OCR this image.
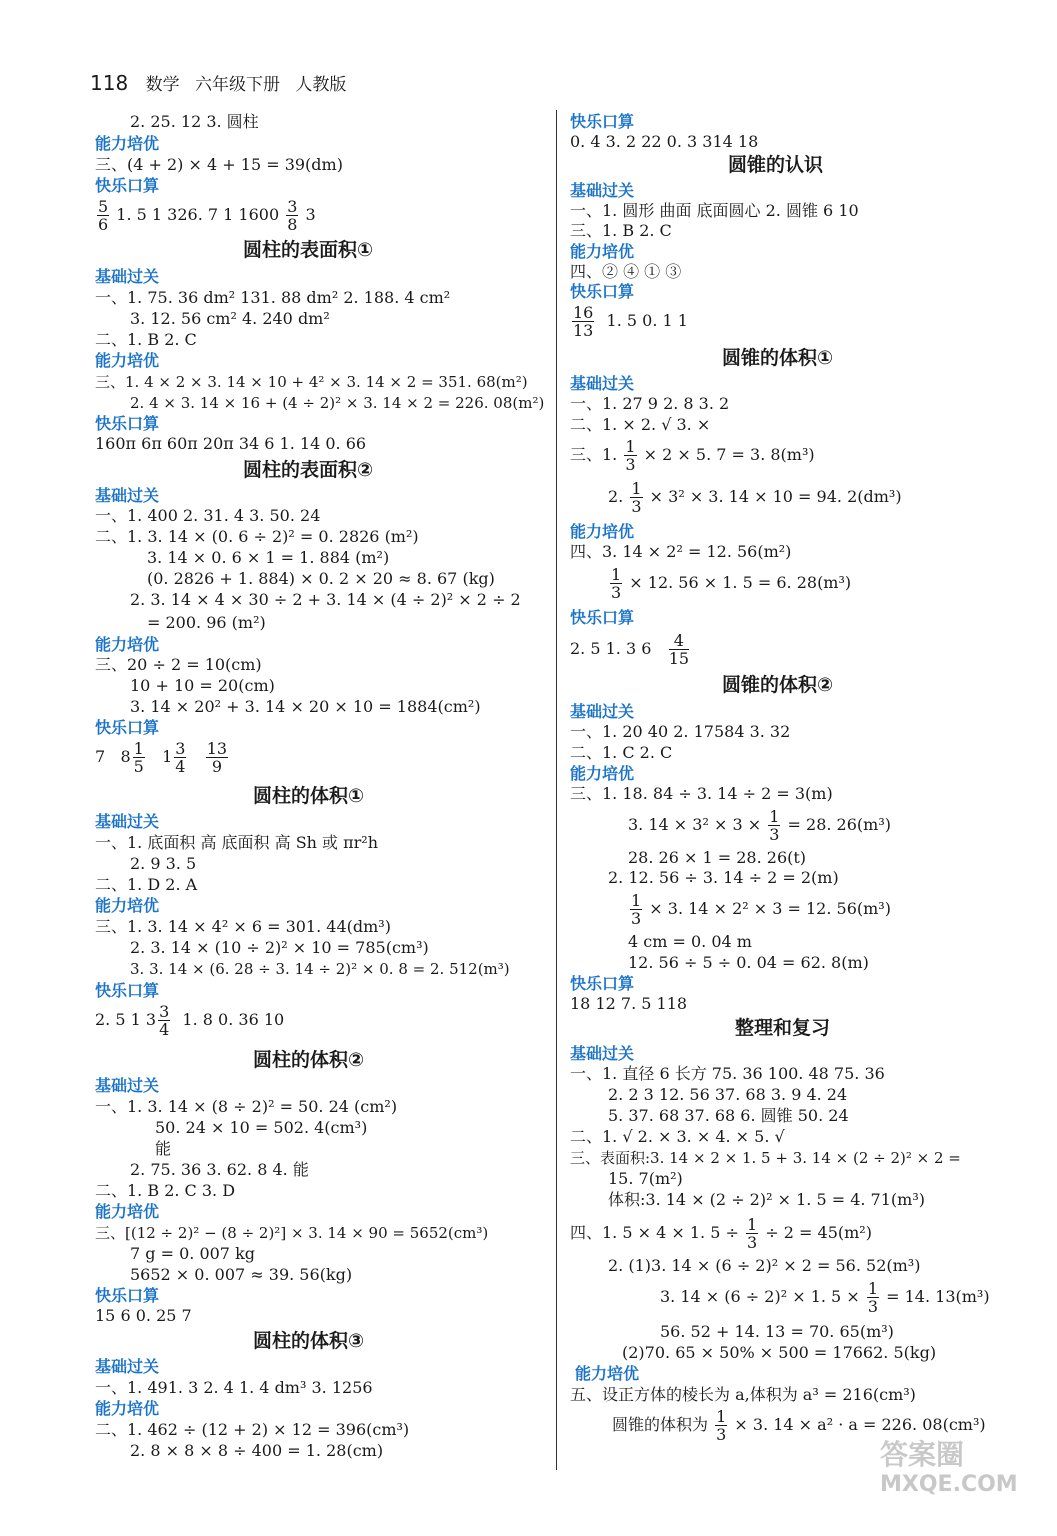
118 数学 六年级下册 人教版
2. 25. 12 3. 圆柱
能力培优
三、(4 + 2) × 4 + 15 = 39(dm)
快乐口算
$\frac{5}{6} 1$. 5 1 326. 7 1 $1600 \frac{3}{8} 3$
圆柱的表面积①
基础过关
一、1. 75. 36 dm² 131. 88 dm² 2. 188. 4 cm²
3. 12. 56 cm² 4. 240 dm²
二、1. B 2. C
能力培优
三、1. 4 × 2 × 3. 14 × 10 + 4² × 3. 14 × 2 = 351. 68(m²)
2. 4 × 3. 14 × 16 + (4 ÷ 2)² × 3. 14 × 2 = 226. 08(m²)
快乐口算
160π 6π 60π 20π 34 6 1. 14 0. 66
圆柱的表面积②
基础过关
一、1. 400 2. 31. 4 3. 50. 24
二、1. 3. 14 × (0. 6 ÷ 2)² = 0. 2826 (m²)
3. 14 × 0. 6 × 1 = 1. 884 (m²)
(0. 2826 + 1. 884) × 0. 2 × 20 ≈ 8. 67 (kg)
2. 3. 14 × 4 × 30 ÷ 2 + 3. 14 × (4 ÷ 2)² × 2 ÷ 2
= 200. 96 (m²)
能力培优
三、20 ÷ 2 = 10(cm)
10 + 10 = 20(cm)
3. 14 × 20² + 3. 14 × 20 × 10 = 1884(cm²)
快乐口算
7 $8 \frac{1}{5} 1 \frac{3}{4}$
$\frac{13}{9}$
圆柱的体积①
基础过关
一、1. 底面积 高 底面积 高 Sh 或 πr²h
2. 9 3. 5
二、1. D 2. A
能力培优
三、1. 3. 14 × 4² × 6 = 301. 44(dm³)
2. 3. 14 × (10 ÷ 2)² × 10 = 785(cm³)
3. 3. 14 × (6. 28 ÷ 3. 14 ÷ 2)² × 0. 8 = 2. 512(m³)
快乐口算
2. 5 1 $3 \frac{3}{4} 1$. 8 0. 36 10
圆柱的体积②
基础过关
一、1. 3. 14 × (8 ÷ 2)² = 50. 24 (cm²)
50. 24 × 10 = 502. 4(cm³)
能
2. 75. 36 3. 62. 8 4. 能
二、1. B 2. C 3. D
能力培优
三、[(12 ÷ 2)² − (8 ÷ 2)²] × 3. 14 × 90 = 5652(cm³)
7 g = 0. 007 kg
5652 × 0. 007 ≈ 39. 56(kg)
快乐口算
15 6 0. 25 7
圆柱的体积③
基础过关
一、1. 491. 3 2. 4 1. 4 dm³ 3. 1256
能力培优
二、1. 462 ÷ (12 + 2) × 12 = 396(cm³)
2. 8 × 8 × 8 ÷ 400 = 1. 28(cm)
快乐口算
0. 4 3. 2 22 0. 3 314 18
圆锥的认识
基础过关
一、1. 圆形 曲面 底面圆心 2. 圆锥 6 10
三、1. B 2. C
能力培优
四、② ④ ① ③
快乐口算
$\frac{16}{13} 1$. 5 0. 1 1
圆锥的体积①
基础过关
一、1. 27 9 2. 8 3. 2
二、1. × 2. √ 3. ×
三、1. $\frac{1}{3} \times 2 \times 5$. 7 = 3. 8(m³)
2. $\frac{1}{3} \times 3^2 \times 3$. 14 × 10 = 94. 2(dm³)
能力培优
四、3. 14 × 2² = 12. 56(m²)
$\frac{1}{3} \times 12$. 56 × 1. 5 = 6. 28(m³)
快乐口算
2. 5 1. 3 $6 \frac{4}{15}$
圆锥的体积②
基础过关
一、1. 20 40 2. 17584 3. 32
二、1. C 2. C
能力培优
三、1. 18. 84 ÷ 3. 14 ÷ 2 = 3(m)
3. $14 \times 3^2 \times 3 \times \frac{1}{3} = 28$. 26(m³)
28. 26 × 1 = 28. 26(t)
2. 12. 56 ÷ 3. 14 ÷ 2 = 2(m)
$\frac{1}{3} \times 3$. 14 × 2² × 3 = 12. 56(m³)
4 cm = 0. 04 m
12. 56 ÷ 5 ÷ 0. 04 = 62. 8(m)
快乐口算
18 12 7. 5 118
整理和复习
基础过关
一、1. 直径 6 长方 75. 36 100. 48 75. 36
2. 2 3 12. 56 37. 68 3. 9 4. 24
5. 37. 68 37. 68 6. 圆锥 50. 24
二、1. √ 2. × 3. × 4. × 5. √
三、表面积:3. 14 × 2 × 1. 5 + 3. 14 × (2 ÷ 2)² × 2 =
15. 7(m²)
体积:3. 14 × (2 ÷ 2)² × 1. 5 = 4. 71(m³)
四、1. 5 × 4 × 1. $5 \div \frac{1}{3} \div 2 = 45(m^2)$
2. (1)3. 14 × (6 ÷ 2)² × 2 = 56. 52(m³)
3. 14 × (6 ÷ 2)² × 1. $5 \times \frac{1}{3} = 14$. 13(m³)
56. 52 + 14. 13 = 70. 65(m³)
(2)70. 65 × 50% × 500 = 17662. 5(kg)
能力培优
五、设正方体的棱长为 a,体积为 a³ = 216(cm³)
圆锥的体积为 $\frac{1}{3} \times 3$. 14 × a² · a = 226. 08(cm³)
答案圈
MXQE.COM
